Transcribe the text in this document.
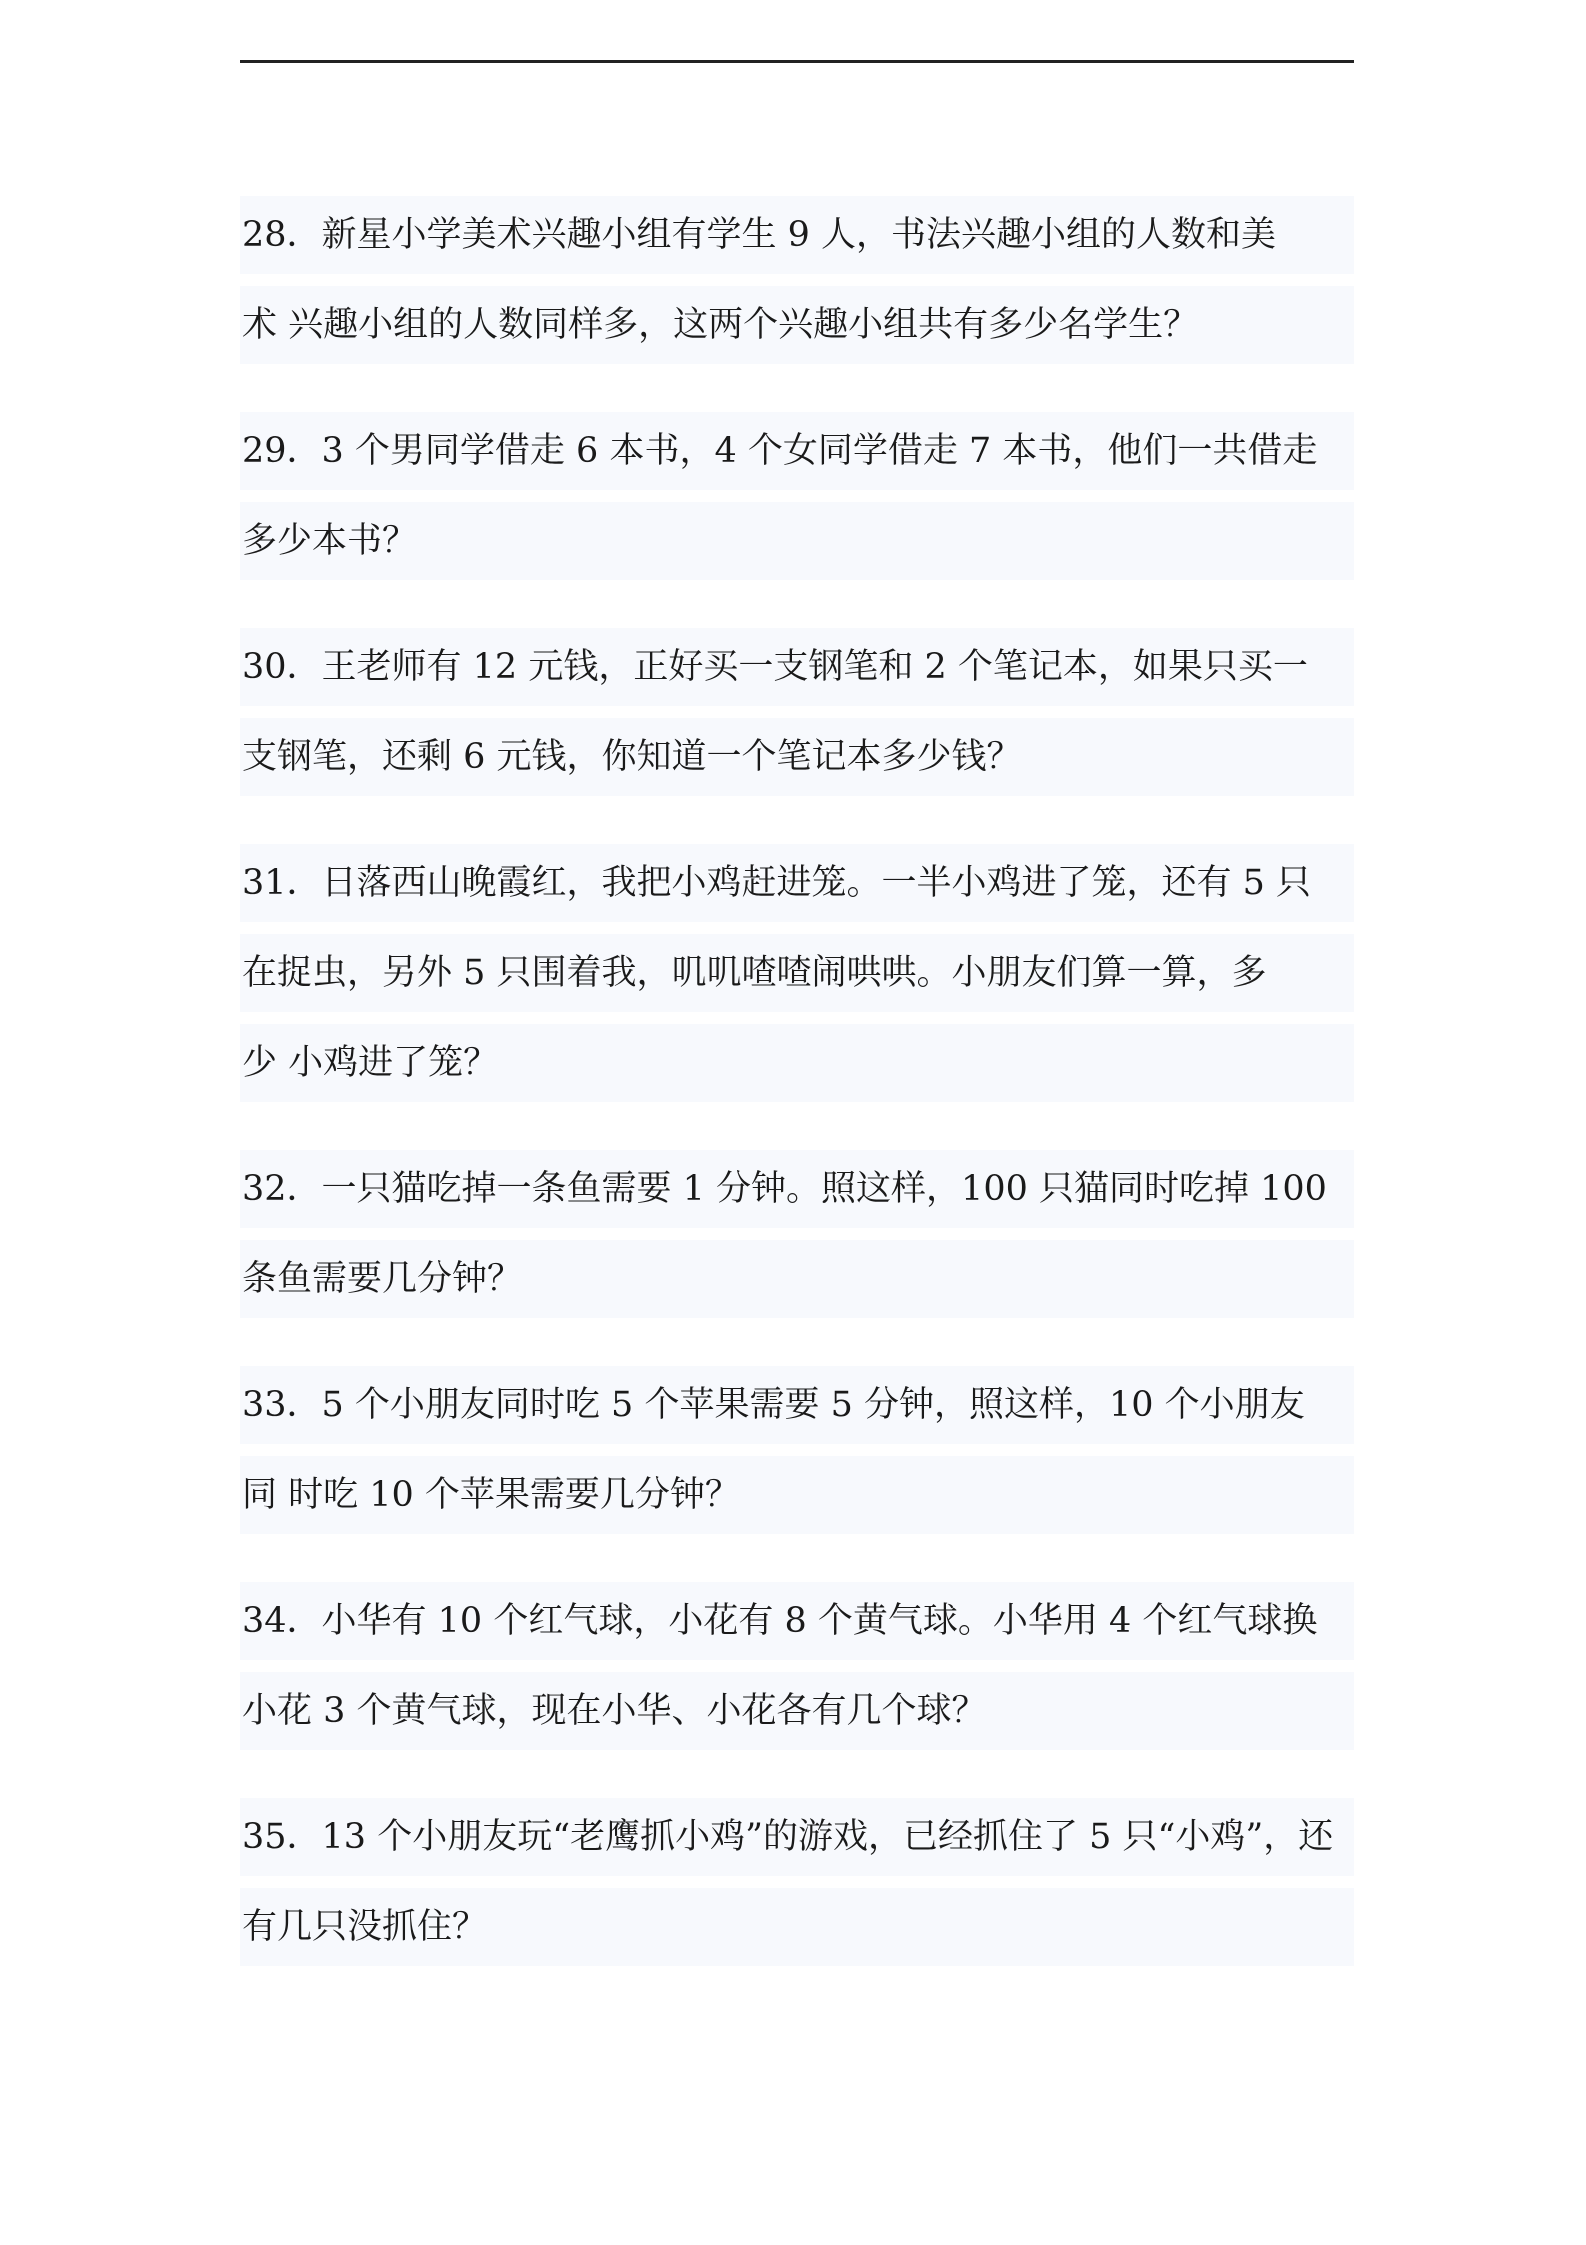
28．新星小学美术兴趣小组有学生 9 人，书法兴趣小组的人数和美
术 兴趣小组的人数同样多，这两个兴趣小组共有多少名学生？
29．3 个男同学借走 6 本书，4 个女同学借走 7 本书，他们一共借走
多少本书？
30．王老师有 12 元钱，正好买一支钢笔和 2 个笔记本，如果只买一
支钢笔，还剩 6 元钱，你知道一个笔记本多少钱？
31．日落西山晚霞红，我把小鸡赶进笼。一半小鸡进了笼，还有 5 只
在捉虫，另外 5 只围着我，叽叽喳喳闹哄哄。小朋友们算一算，多
少 小鸡进了笼？
32．一只猫吃掉一条鱼需要 1 分钟。照这样，100 只猫同时吃掉 100
条鱼需要几分钟？
33．5 个小朋友同时吃 5 个苹果需要 5 分钟，照这样，10 个小朋友
同 时吃 10 个苹果需要几分钟？
34．小华有 10 个红气球，小花有 8 个黄气球。小华用 4 个红气球换
小花 3 个黄气球，现在小华、小花各有几个球？
35．13 个小朋友玩“老鹰抓小鸡”的游戏，已经抓住了 5 只“小鸡”，还
有几只没抓住？
